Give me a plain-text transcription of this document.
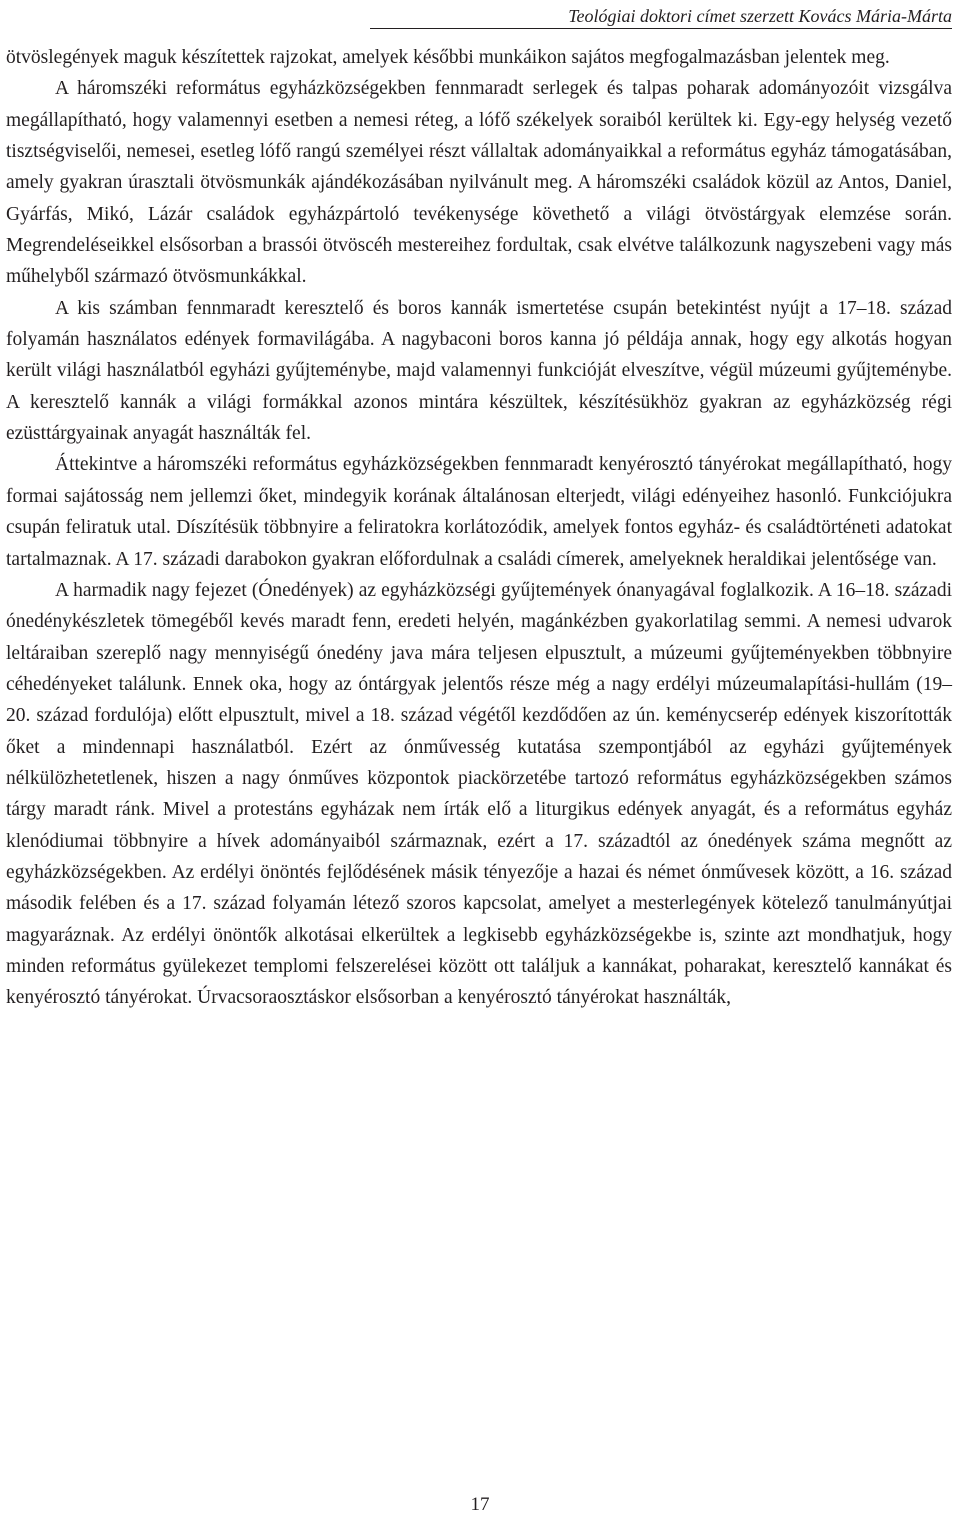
Teológiai doktori címet szerzett Kovács Mária-Márta

ötvöslegények maguk készítettek rajzokat, amelyek későbbi munkáikon sajátos megfogalmazásban jelentek meg.

A háromszéki református egyházközségekben fennmaradt serlegek és talpas poharak adományozóit vizsgálva megállapítható, hogy valamennyi esetben a nemesi réteg, a lófő székelyek soraiból kerültek ki. Egy-egy helység vezető tisztségviselői, nemesei, esetleg lófő rangú személyei részt vállaltak adományaikkal a református egyház támogatásában, amely gyakran úrasztali ötvösmunkák ajándékozásában nyilvánult meg. A háromszéki családok közül az Antos, Daniel, Gyárfás, Mikó, Lázár családok egyházpártoló tevékenysége követhető a világi ötvöstárgyak elemzése során. Megrendeléseikkel elsősorban a brassói ötvöscéh mestereihez fordultak, csak elvétve találkozunk nagyszebeni vagy más műhelyből származó ötvösmunkákkal.

A kis számban fennmaradt keresztelő és boros kannák ismertetése csupán betekintést nyújt a 17–18. század folyamán használatos edények formavilágába. A nagybaconi boros kanna jó példája annak, hogy egy alkotás hogyan került világi használatból egyházi gyűjteménybe, majd valamennyi funkcióját elveszítve, végül múzeumi gyűjteménybe. A keresztelő kannák a világi formákkal azonos mintára készültek, készítésükhöz gyakran az egyházközség régi ezüsttárgyainak anyagát használták fel.

Áttekintve a háromszéki református egyházközségekben fennmaradt kenyérosztó tányérokat megállapítható, hogy formai sajátosság nem jellemzi őket, mindegyik korának általánosan elterjedt, világi edényeihez hasonló. Funkciójukra csupán feliratuk utal. Díszítésük többnyire a feliratokra korlátozódik, amelyek fontos egyház- és családtörténeti adatokat tartalmaznak. A 17. századi darabokon gyakran előfordulnak a családi címerek, amelyeknek heraldikai jelentősége van.

A harmadik nagy fejezet (Ónedények) az egyházközségi gyűjtemények ónanyagával foglalkozik. A 16–18. századi ónedénykészletek tömegéből kevés maradt fenn, eredeti helyén, magánkézben gyakorlatilag semmi. A nemesi udvarok leltáraiban szereplő nagy mennyiségű ónedény java mára teljesen elpusztult, a múzeumi gyűjteményekben többnyire céhedényeket találunk. Ennek oka, hogy az óntárgyak jelentős része még a nagy erdélyi múzeumalapítási-hullám (19–20. század fordulója) előtt elpusztult, mivel a 18. század végétől kezdődően az ún. keménycserép edények kiszorították őket a mindennapi használatból. Ezért az ónművesség kutatása szempontjából az egyházi gyűjtemények nélkülözhetetlenek, hiszen a nagy ónműves központok piackörzetébe tartozó református egyházközségekben számos tárgy maradt ránk. Mivel a protestáns egyházak nem írták elő a liturgikus edények anyagát, és a református egyház klenódiumai többnyire a hívek adományaiból származnak, ezért a 17. századtól az ónedények száma megnőtt az egyházközségekben. Az erdélyi önöntés fejlődésének másik tényezője a hazai és német ónművesek között, a 16. század második felében és a 17. század folyamán létező szoros kapcsolat, amelyet a mesterlegények kötelező tanulmányútjai magyaráznak. Az erdélyi önöntők alkotásai elkerültek a legkisebb egyházközségekbe is, szinte azt mondhatjuk, hogy minden református gyülekezet templomi felszerelései között ott találjuk a kannákat, poharakat, keresztelő kannákat és kenyérosztó tányérokat. Úrvacsoraosztáskor elsősorban a kenyérosztó tányérokat használták,

17
